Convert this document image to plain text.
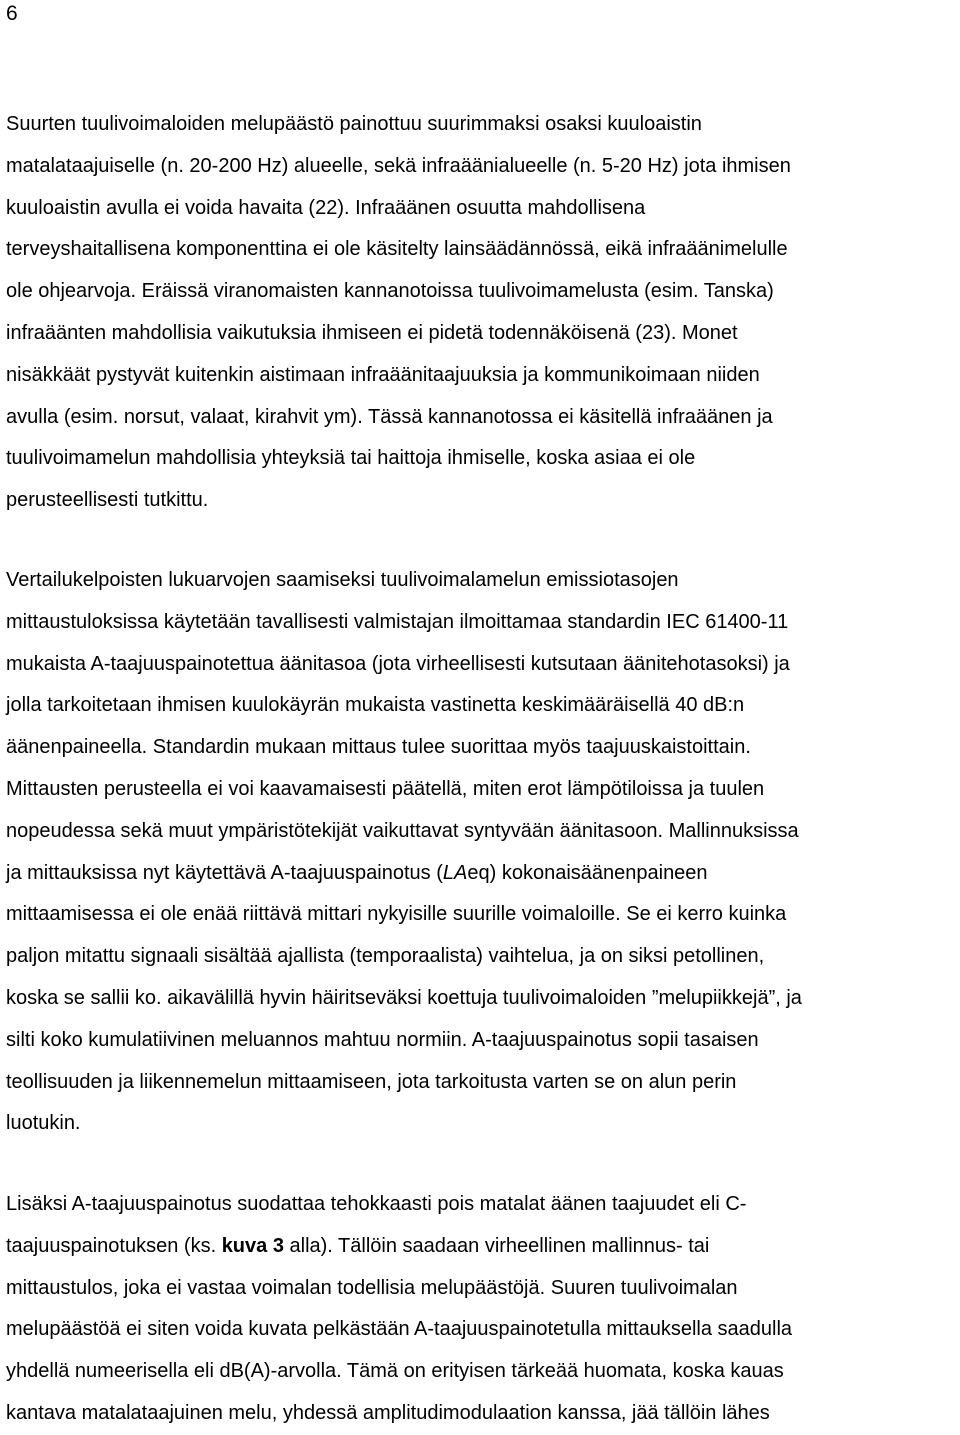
6
Suurten tuulivoimaloiden melupäästö painottuu suurimmaksi osaksi kuuloaistin
matalataajuiselle (n. 20-200 Hz) alueelle, sekä infraäänialueelle (n. 5-20 Hz) jota ihmisen
kuuloaistin avulla ei voida havaita (22). Infraäänen osuutta mahdollisena
terveyshaitallisena komponenttina ei ole käsitelty lainsäädännössä, eikä infraäänimelulle
ole ohjearvoja. Eräissä viranomaisten kannanotoissa tuulivoimamelusta (esim. Tanska)
infraäänten mahdollisia vaikutuksia ihmiseen ei pidetä todennäköisenä (23). Monet
nisäkkäät pystyvät kuitenkin aistimaan infraäänitaajuuksia ja kommunikoimaan niiden
avulla (esim. norsut, valaat, kirahvit ym). Tässä kannanotossa ei käsitellä infraäänen ja
tuulivoimamelun mahdollisia yhteyksiä tai haittoja ihmiselle, koska asiaa ei ole
perusteellisesti tutkittu.
Vertailukelpoisten lukuarvojen saamiseksi tuulivoimalamelun emissiotasojen
mittaustuloksissa käytetään tavallisesti valmistajan ilmoittamaa standardin IEC 61400-11
mukaista A-taajuuspainotettua äänitasoa (jota virheellisesti kutsutaan äänitehotasoksi) ja
jolla tarkoitetaan ihmisen kuulokäyrän mukaista vastinetta keskimääräisellä 40 dB:n
äänenpaineella. Standardin mukaan mittaus tulee suorittaa myös taajuuskaistoittain.
Mittausten perusteella ei voi kaavamaisesti päätellä, miten erot lämpötiloissa ja tuulen
nopeudessa sekä muut ympäristötekijät vaikuttavat syntyvään äänitasoon. Mallinnuksissa
ja mittauksissa nyt käytettävä A-taajuuspainotus (LAeq) kokonaisäänenpaineen
mittaamisessa ei ole enää riittävä mittari nykyisille suurille voimaloille. Se ei kerro kuinka
paljon mitattu signaali sisältää ajallista (temporaalista) vaihtelua, ja on siksi petollinen,
koska se sallii ko. aikavälillä hyvin häiritseväksi koettuja tuulivoimaloiden ”melupiikkejä”, ja
silti koko kumulatiivinen meluannos mahtuu normiin. A-taajuuspainotus sopii tasaisen
teollisuuden ja liikennemelun mittaamiseen, jota tarkoitusta varten se on alun perin
luotukin.
Lisäksi A-taajuuspainotus suodattaa tehokkaasti pois matalat äänen taajuudet eli C-
taajuuspainotuksen (ks. kuva 3 alla). Tällöin saadaan virheellinen mallinnus- tai
mittaustulos, joka ei vastaa voimalan todellisia melupäästöjä. Suuren tuulivoimalan
melupäästöä ei siten voida kuvata pelkästään A-taajuuspainotetulla mittauksella saadulla
yhdellä numeerisella eli dB(A)-arvolla. Tämä on erityisen tärkeää huomata, koska kauas
kantava matalataajuinen melu, yhdessä amplitudimodulaation kanssa, jää tällöin lähes
